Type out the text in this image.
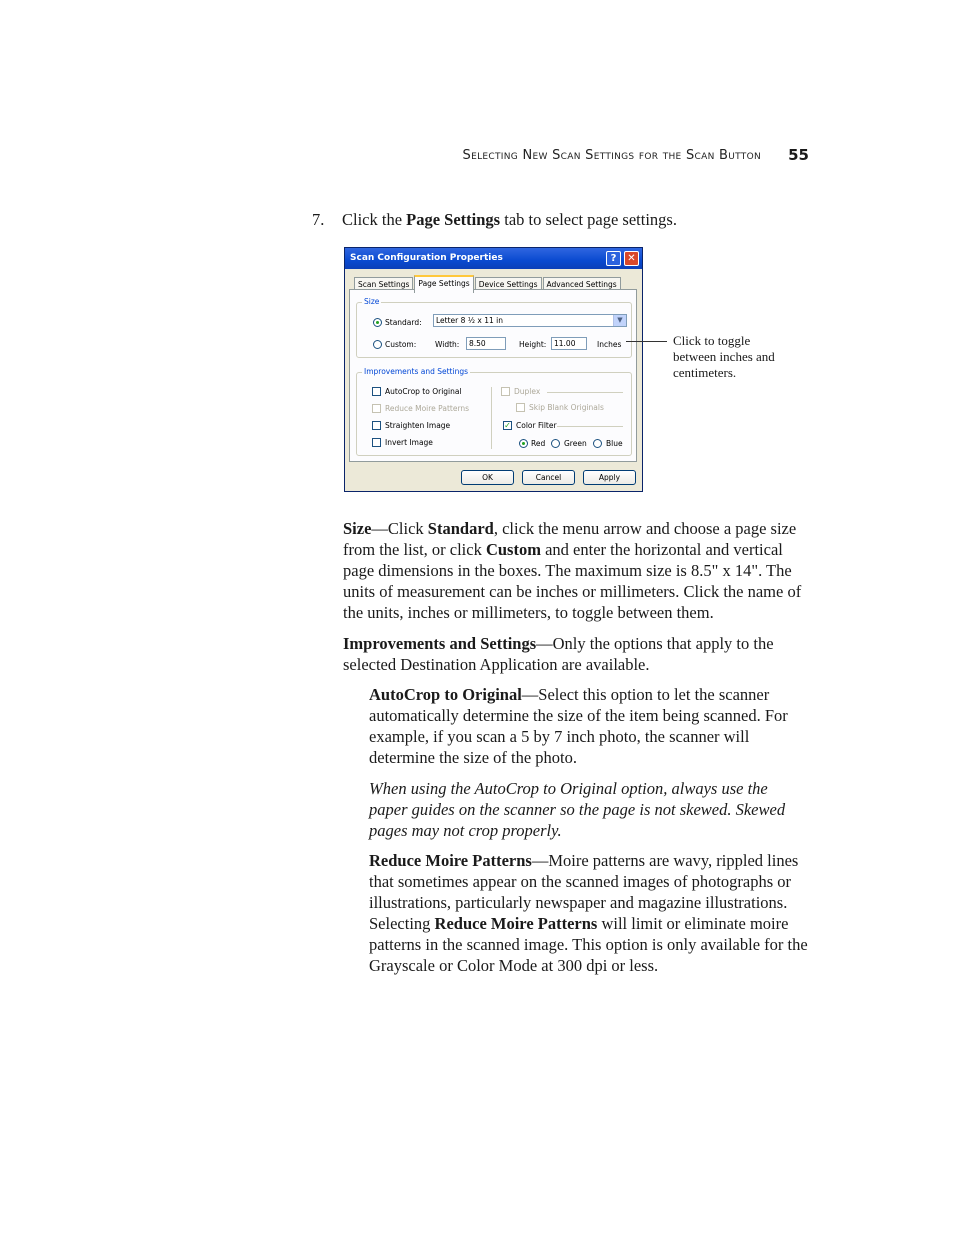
Selecting New Scan Settings for the Scan Button	55
7. Click the Page Settings tab to select page settings.
Scan Configuration Properties	?	✕
Scan Settings	Page Settings	Device Settings	Advanced Settings
Size
Standard:	Letter 8 ½ x 11 in	▼
Custom: Width:	8.50	Height:	11.00	Inches
Improvements and Settings
AutoCrop to Original
Reduce Moire Patterns
Straighten Image
Invert Image
Duplex
Skip Blank Originals
✓ Color Filter
Red	Green	Blue
OK	Cancel	Apply
Click to toggle between inches and centimeters.

Size—Click Standard, click the menu arrow and choose a page size from the list, or click Custom and enter the horizontal and vertical page dimensions in the boxes. The maximum size is 8.5" x 14". The units of measurement can be inches or millimeters. Click the name of the units, inches or millimeters, to toggle between them.

Improvements and Settings—Only the options that apply to the selected Destination Application are available.

AutoCrop to Original—Select this option to let the scanner automatically determine the size of the item being scanned. For example, if you scan a 5 by 7 inch photo, the scanner will determine the size of the photo.

When using the AutoCrop to Original option, always use the paper guides on the scanner so the page is not skewed. Skewed pages may not crop properly.

Reduce Moire Patterns—Moire patterns are wavy, rippled lines that sometimes appear on the scanned images of photographs or illustrations, particularly newspaper and magazine illustrations. Selecting Reduce Moire Patterns will limit or eliminate moire patterns in the scanned image. This option is only available for the Grayscale or Color Mode at 300 dpi or less.
